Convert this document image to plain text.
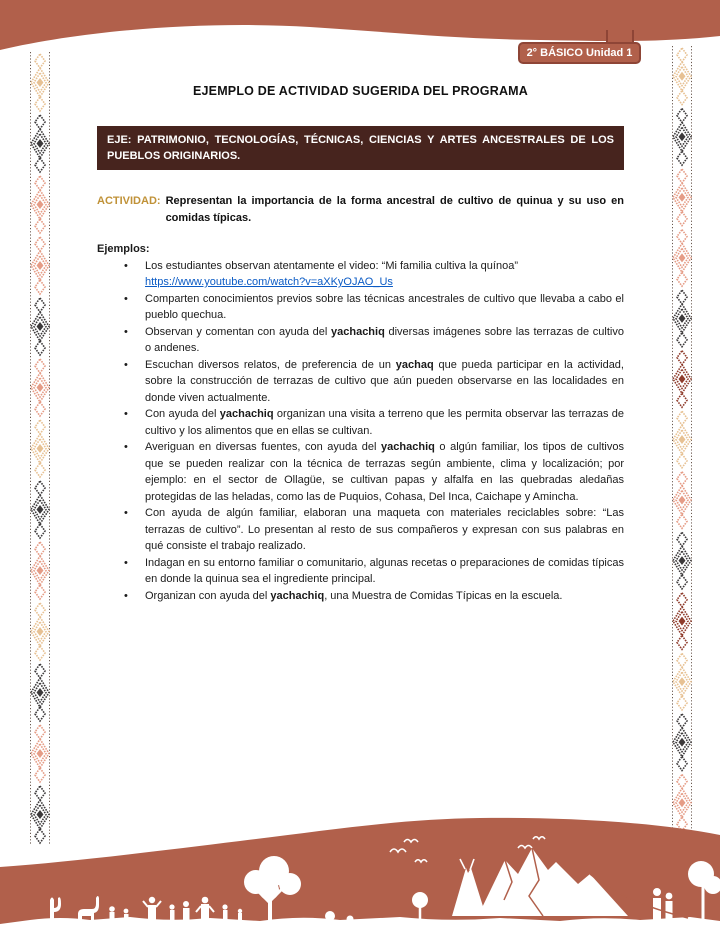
2° BÁSICO Unidad 1
EJEMPLO DE ACTIVIDAD SUGERIDA DEL PROGRAMA
EJE: PATRIMONIO, TECNOLOGÍAS, TÉCNICAS, CIENCIAS Y ARTES ANCESTRALES DE LOS PUEBLOS ORIGINARIOS.
ACTIVIDAD: Representan la importancia de la forma ancestral de cultivo de quinua y su uso en comidas típicas.
Ejemplos:
• Los estudiantes observan atentamente el video: “Mi familia cultiva la quínoa”
https://www.youtube.com/watch?v=aXKyOJAO_Us
• Comparten conocimientos previos sobre las técnicas ancestrales de cultivo que llevaba a cabo el pueblo quechua.
• Observan y comentan con ayuda del yachachiq diversas imágenes sobre las terrazas de cultivo o andenes.
• Escuchan diversos relatos, de preferencia de un yachaq que pueda participar en la actividad, sobre la construcción de terrazas de cultivo que aún pueden observarse en las localidades en donde viven actualmente.
• Con ayuda del yachachiq organizan una visita a terreno que les permita observar las terrazas de cultivo y los alimentos que en ellas se cultivan.
• Averiguan en diversas fuentes, con ayuda del yachachiq o algún familiar, los tipos de cultivos que se pueden realizar con la técnica de terrazas según ambiente, clima y localización; por ejemplo: en el sector de Ollagüe, se cultivan papas y alfalfa en las quebradas aledañas protegidas de las heladas, como las de Puquios, Cohasa, Del Inca, Caichape y Amincha.
• Con ayuda de algún familiar, elaboran una maqueta con materiales reciclables sobre: “Las terrazas de cultivo”. Lo presentan al resto de sus compañeros y expresan con sus palabras en qué consiste el trabajo realizado.
• Indagan en su entorno familiar o comunitario, algunas recetas o preparaciones de comidas típicas en donde la quinua sea el ingrediente principal.
• Organizan con ayuda del yachachiq, una Muestra de Comidas Típicas en la escuela.
